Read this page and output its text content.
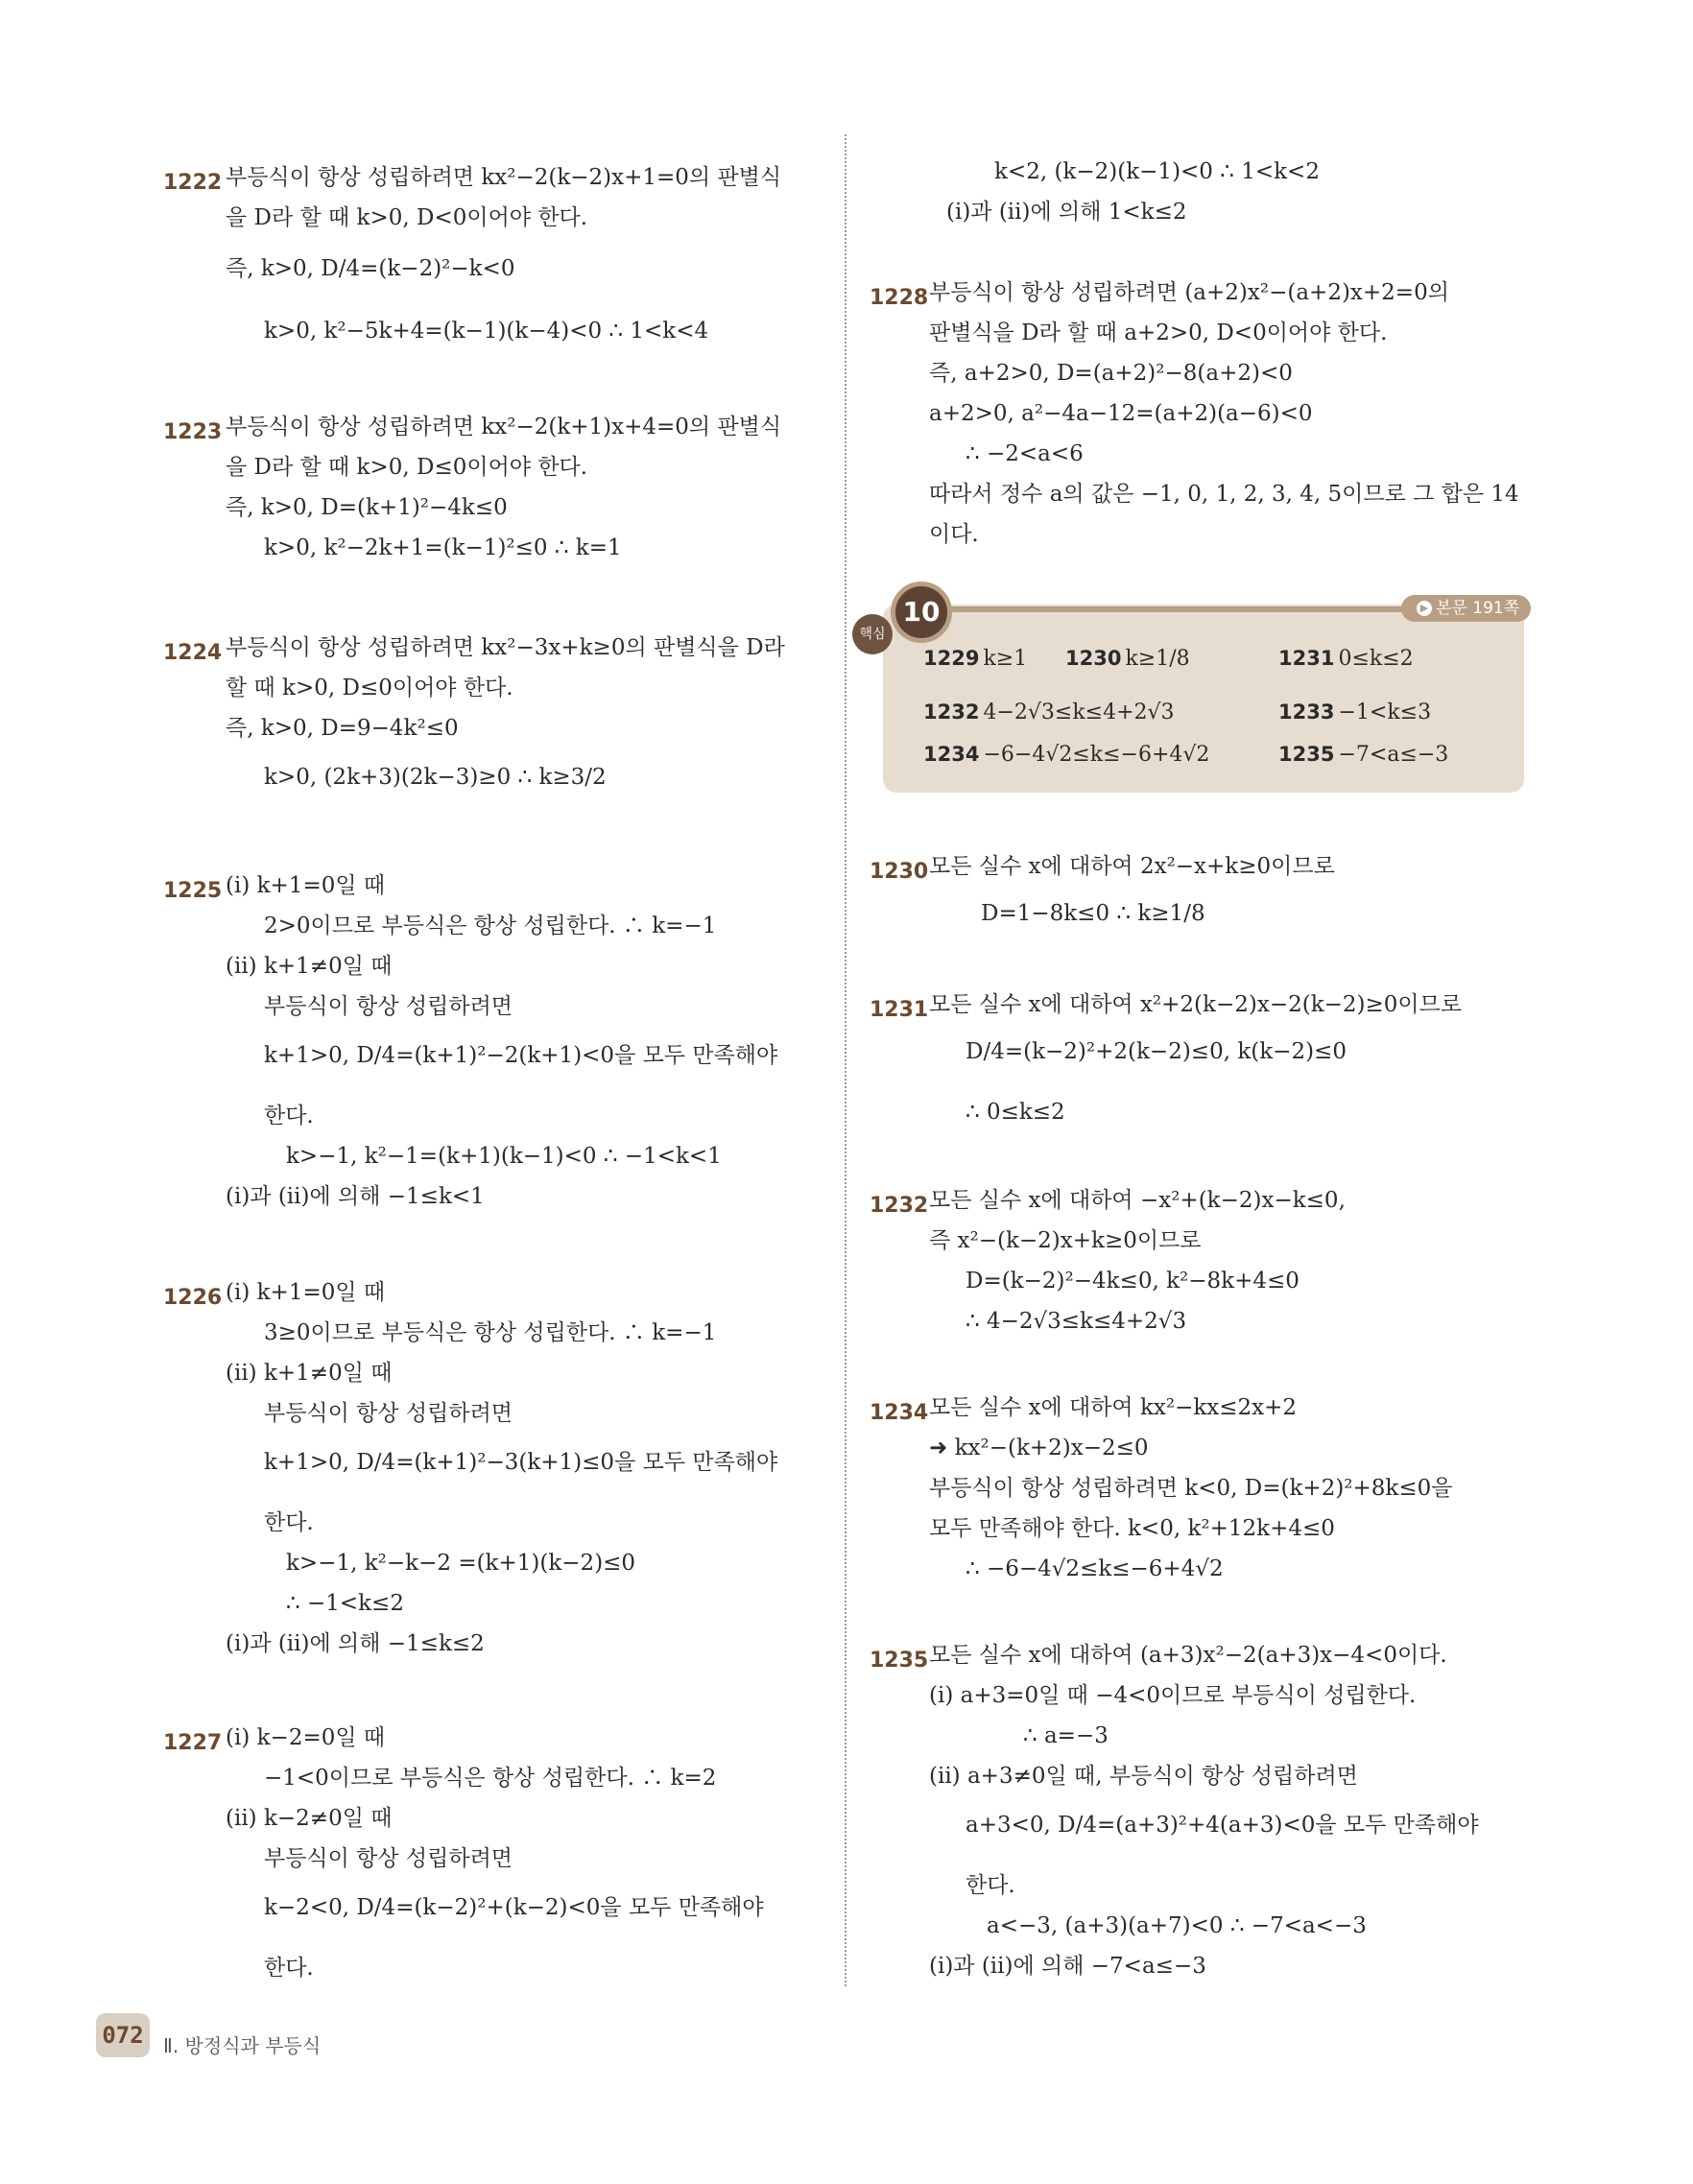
1222 부등식이 항상 성립하려면 kx²−2(k−2)x+1=0의 판별식
을 D라 할 때 k>0, D<0이어야 한다.
즉, k>0, D/4=(k−2)²−k<0
k>0, k²−5k+4=(k−1)(k−4)<0 ∴ 1<k<4
1223 부등식이 항상 성립하려면 kx²−2(k+1)x+4=0의 판별식
을 D라 할 때 k>0, D≤0이어야 한다.
즉, k>0, D=(k+1)²−4k≤0
k>0, k²−2k+1=(k−1)²≤0 ∴ k=1
1224 부등식이 항상 성립하려면 kx²−3x+k≥0의 판별식을 D라
할 때 k>0, D≤0이어야 한다.
즉, k>0, D=9−4k²≤0
k>0, (2k+3)(2k−3)≥0 ∴ k≥3/2
1225 (i) k+1=0일 때
2>0이므로 부등식은 항상 성립한다. ∴ k=−1
(ii) k+1≠0일 때
부등식이 항상 성립하려면
k+1>0, D/4=(k+1)²−2(k+1)<0을 모두 만족해야
한다.
k>−1, k²−1=(k+1)(k−1)<0 ∴ −1<k<1
(i)과 (ii)에 의해 −1≤k<1
1226 (i) k+1=0일 때
3≥0이므로 부등식은 항상 성립한다. ∴ k=−1
(ii) k+1≠0일 때
부등식이 항상 성립하려면
k+1>0, D/4=(k+1)²−3(k+1)≤0을 모두 만족해야
한다.
k>−1, k²−k−2 =(k+1)(k−2)≤0
∴ −1<k≤2
(i)과 (ii)에 의해 −1≤k≤2
1227 (i) k−2=0일 때
−1<0이므로 부등식은 항상 성립한다. ∴ k=2
(ii) k−2≠0일 때
부등식이 항상 성립하려면
k−2<0, D/4=(k−2)²+(k−2)<0을 모두 만족해야
한다.
k<2, (k−2)(k−1)<0 ∴ 1<k<2
(i)과 (ii)에 의해 1<k≤2
1228 부등식이 항상 성립하려면 (a+2)x²−(a+2)x+2=0의
판별식을 D라 할 때 a+2>0, D<0이어야 한다.
즉, a+2>0, D=(a+2)²−8(a+2)<0
a+2>0, a²−4a−12=(a+2)(a−6)<0
∴ −2<a<6
따라서 정수 a의 값은 −1, 0, 1, 2, 3, 4, 5이므로 그 합은 14
이다.
1230 모든 실수 x에 대하여 2x²−x+k≥0이므로
D=1−8k≤0 ∴ k≥1/8
1231 모든 실수 x에 대하여 x²+2(k−2)x−2(k−2)≥0이므로
D/4=(k−2)²+2(k−2)≤0, k(k−2)≤0
∴ 0≤k≤2
1232 모든 실수 x에 대하여 −x²+(k−2)x−k≤0,
즉 x²−(k−2)x+k≥0이므로
D=(k−2)²−4k≤0, k²−8k+4≤0
∴ 4−2√3≤k≤4+2√3
1234 모든 실수 x에 대하여 kx²−kx≤2x+2
➜ kx²−(k+2)x−2≤0
부등식이 항상 성립하려면 k<0, D=(k+2)²+8k≤0을
모두 만족해야 한다. k<0, k²+12k+4≤0
∴ −6−4√2≤k≤−6+4√2
1235 모든 실수 x에 대하여 (a+3)x²−2(a+3)x−4<0이다.
(i) a+3=0일 때 −4<0이므로 부등식이 성립한다.
∴ a=−3
(ii) a+3≠0일 때, 부등식이 항상 성립하려면
a+3<0, D/4=(a+3)²+4(a+3)<0을 모두 만족해야
한다.
a<−3, (a+3)(a+7)<0 ∴ −7<a<−3
(i)과 (ii)에 의해 −7<a≤−3
1229 k≥1 1230 k≥1/8	1231 0≤k≤2
1232 4−2√3≤k≤4+2√3	1233 −1<k≤3
1234 −6−4√2≤k≤−6+4√2	1235 −7<a≤−3
핵심
10	▶ 본문 191쪽
072	Ⅱ. 방정식과 부등식
